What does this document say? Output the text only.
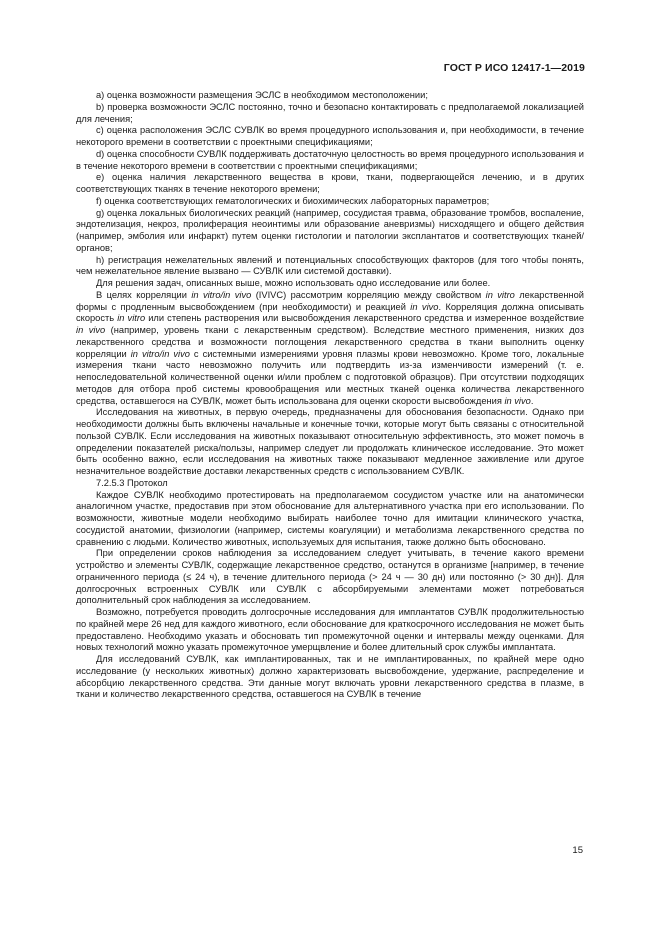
ГОСТ Р ИСО 12417-1—2019

a) оценка возможности размещения ЭСЛС в необходимом местоположении;

b) проверка возможности ЭСЛС постоянно, точно и безопасно контактировать с предполагаемой локализацией для лечения;

c) оценка расположения ЭСЛС СУВЛК во время процедурного использования и, при необходимости, в течение некоторого времени в соответствии с проектными спецификациями;

d) оценка способности СУВЛК поддерживать достаточную целостность во время процедурного использования и в течение некоторого времени в соответствии с проектными спецификациями;

e) оценка наличия лекарственного вещества в крови, ткани, подвергающейся лечению, и в других соответствующих тканях в течение некоторого времени;

f) оценка соответствующих гематологических и биохимических лабораторных параметров;

g) оценка локальных биологических реакций (например, сосудистая травма, образование тромбов, воспаление, эндотелизация, некроз, пролиферация неоинтимы или образование аневризмы) нисходящего и общего действия (например, эмболия или инфаркт) путем оценки гистологии и патологии эксплантатов и соответствующих тканей/органов;

h) регистрация нежелательных явлений и потенциальных способствующих факторов (для того чтобы понять, чем нежелательное явление вызвано — СУВЛК или системой доставки).

Для решения задач, описанных выше, можно использовать одно исследование или более.

В целях корреляции in vitro/in vivo (IVIVC) рассмотрим корреляцию между свойством in vitro лекарственной формы с продленным высвобождением (при необходимости) и реакцией in vivo. Корреляция должна описывать скорость in vitro или степень растворения или высвобождения лекарственного средства и измеренное воздействие in vivo (например, уровень ткани с лекарственным средством). Вследствие местного применения, низких доз лекарственного средства и возможности поглощения лекарственного средства в ткани выполнить оценку корреляции in vitro/in vivo с системными измерениями уровня плазмы крови невозможно. Кроме того, локальные измерения ткани часто невозможно получить или подтвердить из-за изменчивости измерений (т. е. непоследовательной количественной оценки и/или проблем с подготовкой образцов). При отсутствии подходящих методов для отбора проб системы кровообращения или местных тканей оценка количества лекарственного средства, оставшегося на СУВЛК, может быть использована для оценки скорости высвобождения in vivo.

Исследования на животных, в первую очередь, предназначены для обоснования безопасности. Однако при необходимости должны быть включены начальные и конечные точки, которые могут быть связаны с относительной пользой СУВЛК. Если исследования на животных показывают относительную эффективность, это может помочь в определении показателей риска/пользы, например следует ли продолжать клиническое исследование. Это может быть особенно важно, если исследования на животных также показывают медленное заживление или другое незначительное воздействие доставки лекарственных средств с использованием СУВЛК.

7.2.5.3 Протокол

Каждое СУВЛК необходимо протестировать на предполагаемом сосудистом участке или на анатомически аналогичном участке, предоставив при этом обоснование для альтернативного участка при его использовании. По возможности, животные модели необходимо выбирать наиболее точно для имитации клинического участка, сосудистой анатомии, физиологии (например, системы коагуляции) и метаболизма лекарственного средства по сравнению с людьми. Количество животных, используемых для испытания, также должно быть обосновано.

При определении сроков наблюдения за исследованием следует учитывать, в течение какого времени устройство и элементы СУВЛК, содержащие лекарственное средство, останутся в организме [например, в течение ограниченного периода (≤ 24 ч), в течение длительного периода (> 24 ч — 30 дн) или постоянно (> 30 дн)]. Для долгосрочных встроенных СУВЛК или СУВЛК с абсорбируемыми элементами может потребоваться дополнительный срок наблюдения за исследованием.

Возможно, потребуется проводить долгосрочные исследования для имплантатов СУВЛК продолжительностью по крайней мере 26 нед для каждого животного, если обоснование для краткосрочного исследования не может быть предоставлено. Необходимо указать и обосновать тип промежуточной оценки и интервалы между оценками. Для новых технологий можно указать промежуточное умерщвление и более длительный срок службы имплантата.

Для исследований СУВЛК, как имплантированных, так и не имплантированных, по крайней мере одно исследование (у нескольких животных) должно характеризовать высвобождение, удержание, распределение и абсорбцию лекарственного средства. Эти данные могут включать уровни лекарственного средства в плазме, в ткани и количество лекарственного средства, оставшегося на СУВЛК в течение

15
